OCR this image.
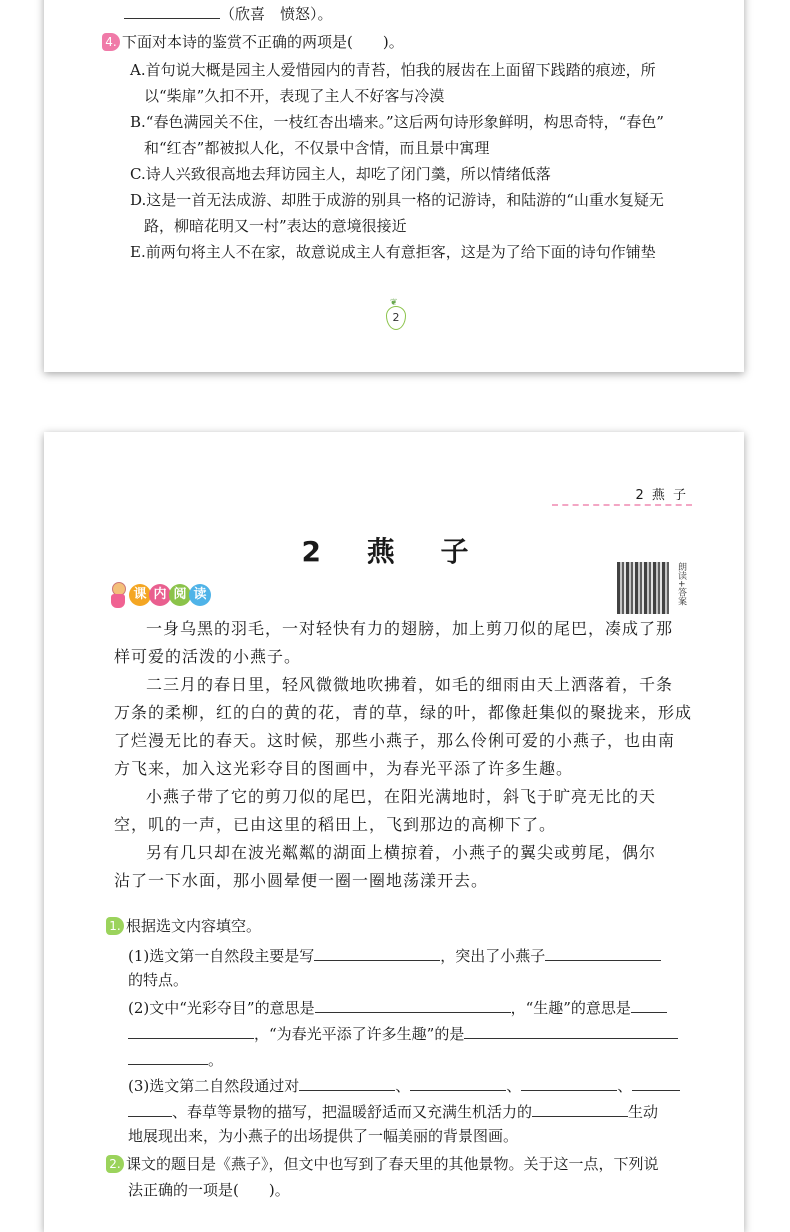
（欣喜　愤怒）。
4. 下面对本诗的鉴赏不正确的两项是(　　)。
A.首句说大概是园主人爱惜园内的青苔，怕我的屐齿在上面留下践踏的痕迹，所
以“柴扉”久扣不开，表现了主人不好客与冷漠
B.“春色满园关不住，一枝红杏出墙来。”这后两句诗形象鲜明，构思奇特，“春色”
和“红杏”都被拟人化，不仅景中含情，而且景中寓理
C.诗人兴致很高地去拜访园主人，却吃了闭门羹，所以情绪低落
D.这是一首无法成游、却胜于成游的别具一格的记游诗，和陆游的“山重水复疑无
路，柳暗花明又一村”表达的意境很接近
E.前两句将主人不在家，故意说成主人有意拒客，这是为了给下面的诗句作铺垫
❦
2
2 燕 子
2 燕 子
朗读+答案
课 内 阅 读
一身乌黑的羽毛，一对轻快有力的翅膀，加上剪刀似的尾巴，凑成了那
样可爱的活泼的小燕子。
二三月的春日里，轻风微微地吹拂着，如毛的细雨由天上洒落着，千条
万条的柔柳，红的白的黄的花，青的草，绿的叶，都像赶集似的聚拢来，形成
了烂漫无比的春天。这时候，那些小燕子，那么伶俐可爱的小燕子，也由南
方飞来，加入这光彩夺目的图画中，为春光平添了许多生趣。
小燕子带了它的剪刀似的尾巴，在阳光满地时，斜飞于旷亮无比的天
空，叽的一声，已由这里的稻田上，飞到那边的高柳下了。
另有几只却在波光粼粼的湖面上横掠着，小燕子的翼尖或剪尾，偶尔
沾了一下水面，那小圆晕便一圈一圈地荡漾开去。
1. 根据选文内容填空。
(1)选文第一自然段主要是写	，突出了小燕子
的特点。
(2)文中“光彩夺目”的意思是	，“生趣”的意思是
，“为春光平添了许多生趣”的是
。
(3)选文第二自然段通过对	、	、	、
、春草等景物的描写，把温暖舒适而又充满生机活力的	生动
地展现出来，为小燕子的出场提供了一幅美丽的背景图画。
2. 课文的题目是《燕子》，但文中也写到了春天里的其他景物。关于这一点，下列说
法正确的一项是(　　)。
